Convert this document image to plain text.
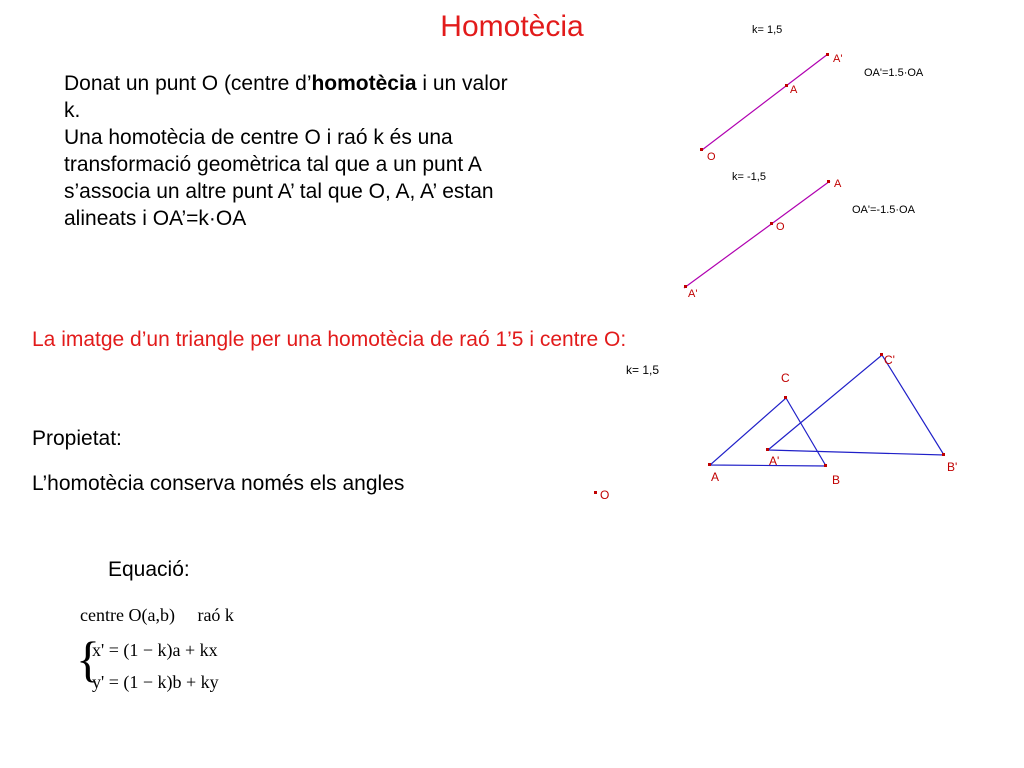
Homotècia
Donat un punt O (centre d’homotècia i un valor k.
Una homotècia de centre O i raó k és una transformació geomètrica tal que a un punt A s’associa un altre punt A’ tal que O, A, A’ estan alineats i OA’=k·OA
k= 1,5
O
A
A'
OA'=1.5·OA
k= -1,5
A
O
A'
OA'=-1.5·OA
k= 1,5
A	B
C
A'	B'
C'
O
La imatge d’un triangle per una homotècia de raó 1’5 i centre O:
Propietat:
L’homotècia conserva només els angles
Equació:
centre O(a,b) raó k
{
x' = (1 − k)a + kx
y' = (1 − k)b + ky
